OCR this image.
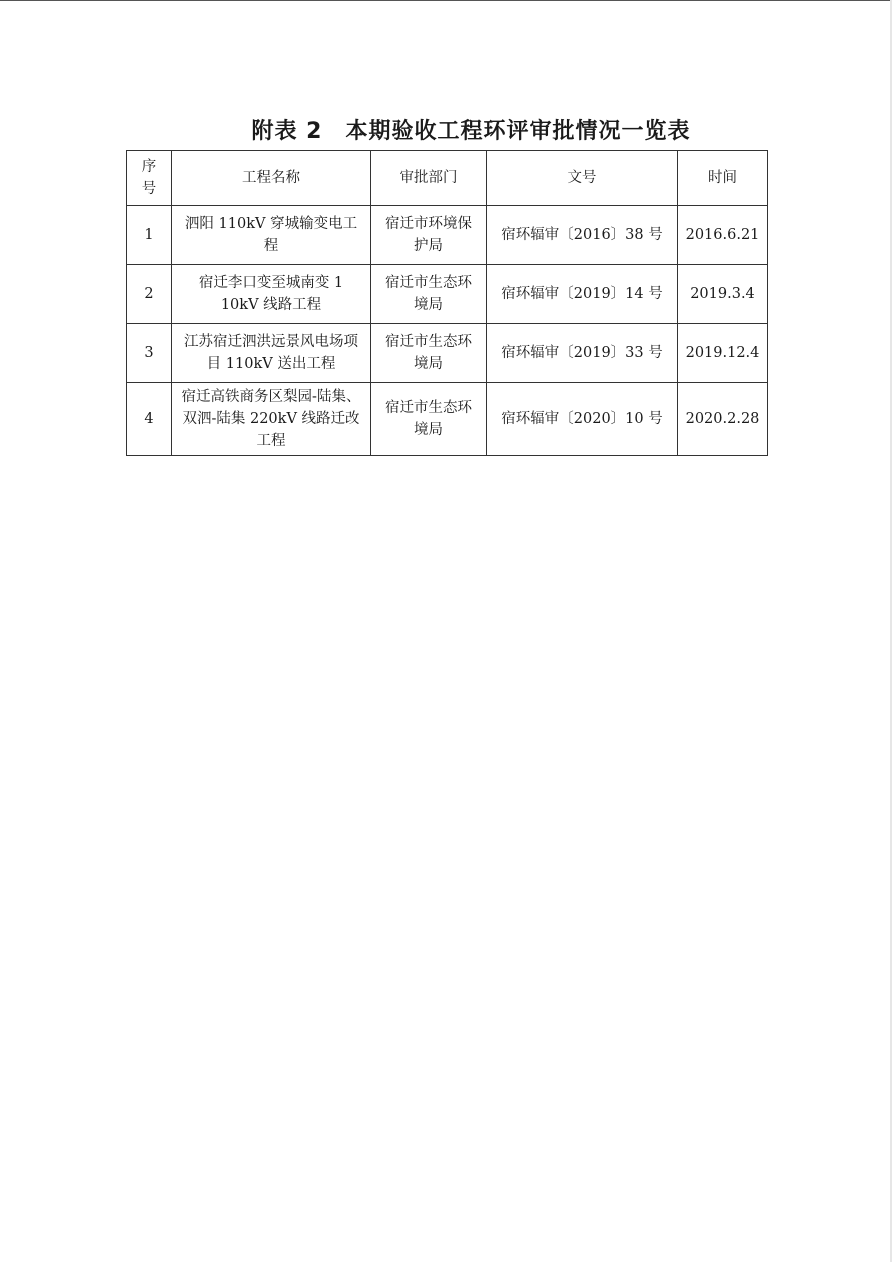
附表 2　本期验收工程环评审批情况一览表
序号	工程名称	审批部门	文号	时间
1	泗阳 110kV 穿城输变电工程	宿迁市环境保护局	宿环辐审〔2016〕38 号	2016.6.21
2	宿迁李口变至城南变 110kV 线路工程	宿迁市生态环境局	宿环辐审〔2019〕14 号	2019.3.4
3	江苏宿迁泗洪远景风电场项目 110kV 送出工程	宿迁市生态环境局	宿环辐审〔2019〕33 号	2019.12.4
4	宿迁高铁商务区梨园-陆集、双泗-陆集 220kV 线路迁改工程	宿迁市生态环境局	宿环辐审〔2020〕10 号	2020.2.28
